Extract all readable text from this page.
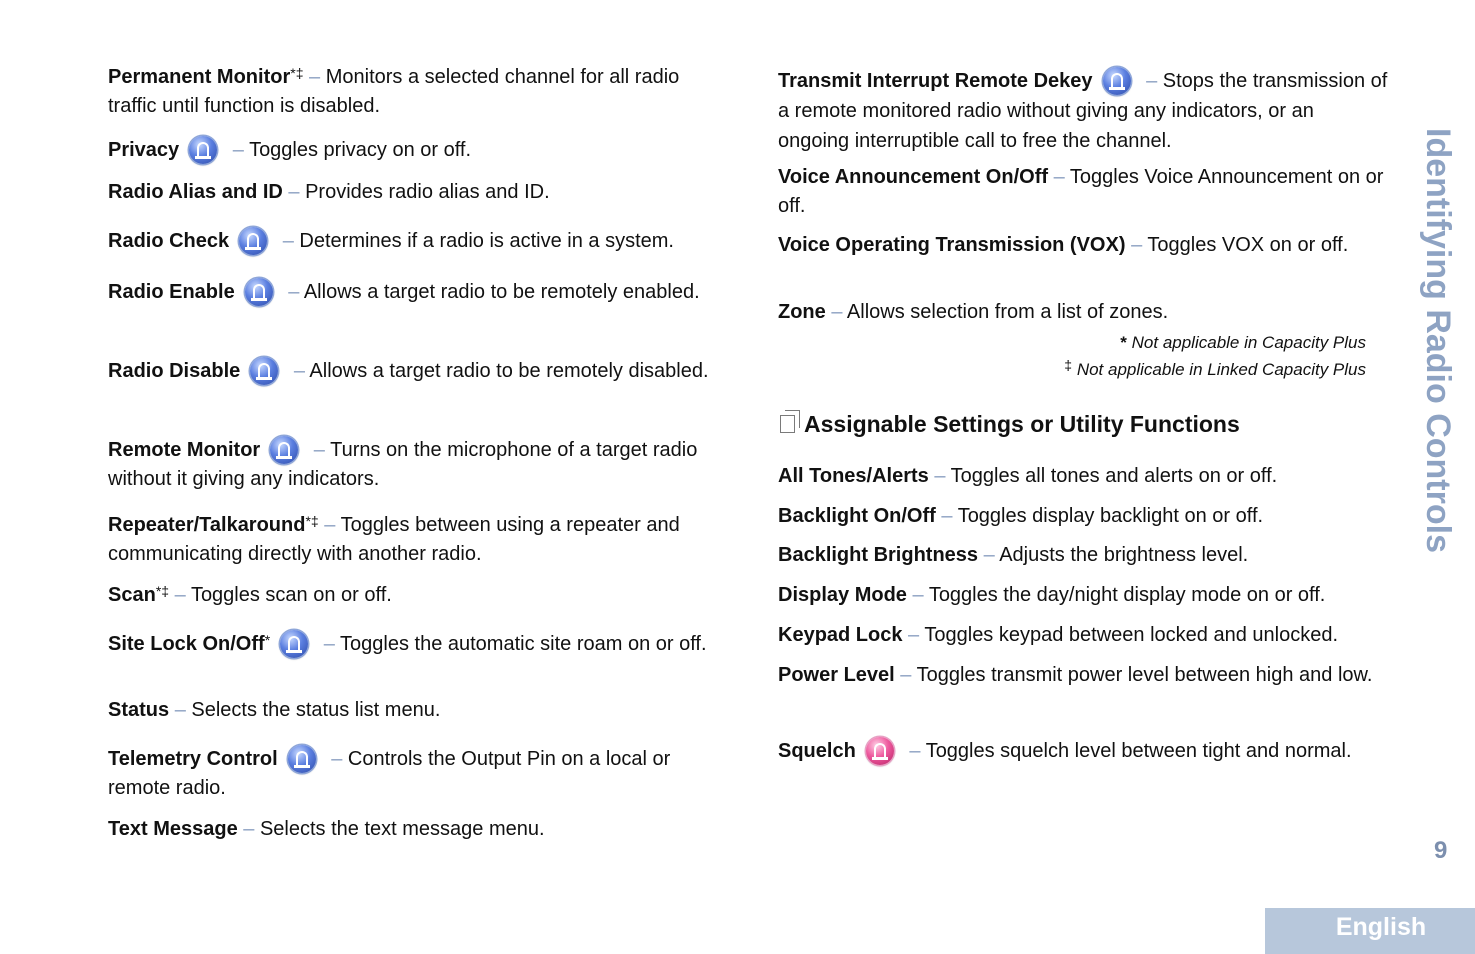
Permanent Monitor*‡ – Monitors a selected channel for all radio traffic until function is disabled.

Privacy	– Toggles privacy on or off.

Radio Alias and ID – Provides radio alias and ID.

Radio Check	– Determines if a radio is active in a system.

Radio Enable	– Allows a target radio to be remotely enabled.

Radio Disable	– Allows a target radio to be remotely disabled.

Remote Monitor	– Turns on the microphone of a target radio without it giving any indicators.

Repeater/Talkaround*‡ – Toggles between using a repeater and communicating directly with another radio.

Scan*‡ – Toggles scan on or off.

Site Lock On/Off*	– Toggles the automatic site roam on or off.

Status – Selects the status list menu.

Telemetry Control	– Controls the Output Pin on a local or remote radio.

Text Message – Selects the text message menu.

Transmit Interrupt Remote Dekey	– Stops the transmission of a remote monitored radio without giving any indicators, or an ongoing interruptible call to free the channel.

Voice Announcement On/Off – Toggles Voice Announcement on or off.

Voice Operating Transmission (VOX) – Toggles VOX on or off.

Zone – Allows selection from a list of zones.

* Not applicable in Capacity Plus
‡ Not applicable in Linked Capacity Plus
Assignable Settings or Utility Functions

All Tones/Alerts – Toggles all tones and alerts on or off.

Backlight On/Off – Toggles display backlight on or off.

Backlight Brightness – Adjusts the brightness level.

Display Mode – Toggles the day/night display mode on or off.

Keypad Lock – Toggles keypad between locked and unlocked.

Power Level – Toggles transmit power level between high and low.

Squelch	– Toggles squelch level between tight and normal.

Identifying Radio Controls
9
English
